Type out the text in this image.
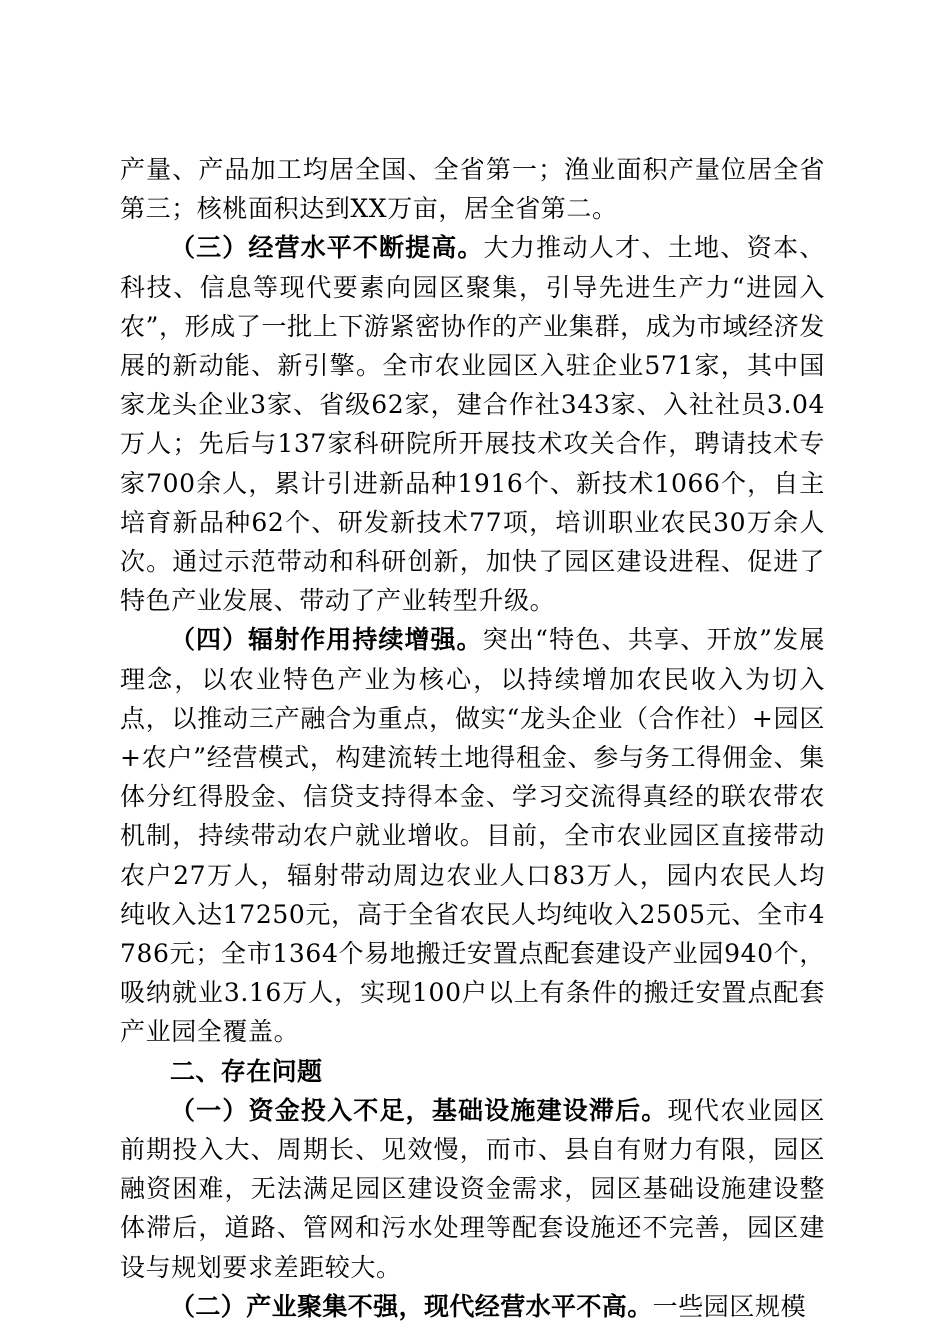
产量、产品加工均居全国、全省第一；渔业面积产量位居全省第三；核桃面积达到XX万亩，居全省第二。

（三）经营水平不断提高。大力推动人才、土地、资本、科技、信息等现代要素向园区聚集，引导先进生产力“进园入农”，形成了一批上下游紧密协作的产业集群，成为市域经济发展的新动能、新引擎。全市农业园区入驻企业571家，其中国家龙头企业3家、省级62家，建合作社343家、入社社员3.04万人；先后与137家科研院所开展技术攻关合作，聘请技术专家700余人，累计引进新品种1916个、新技术1066个，自主培育新品种62个、研发新技术77项，培训职业农民30万余人次。通过示范带动和科研创新，加快了园区建设进程、促进了特色产业发展、带动了产业转型升级。

（四）辐射作用持续增强。突出“特色、共享、开放”发展理念，以农业特色产业为核心，以持续增加农民收入为切入点，以推动三产融合为重点，做实“龙头企业（合作社）+园区+农户”经营模式，构建流转土地得租金、参与务工得佣金、集体分红得股金、信贷支持得本金、学习交流得真经的联农带农机制，持续带动农户就业增收。目前，全市农业园区直接带动农户27万人，辐射带动周边农业人口83万人，园内农民人均纯收入达17250元，高于全省农民人均纯收入2505元、全市4786元；全市1364个易地搬迁安置点配套建设产业园940个，吸纳就业3.16万人，实现100户以上有条件的搬迁安置点配套产业园全覆盖。

二、存在问题

（一）资金投入不足，基础设施建设滞后。现代农业园区前期投入大、周期长、见效慢，而市、县自有财力有限，园区融资困难，无法满足园区建设资金需求，园区基础设施建设整体滞后，道路、管网和污水处理等配套设施还不完善，园区建设与规划要求差距较大。

（二）产业聚集不强，现代经营水平不高。一些园区规模
